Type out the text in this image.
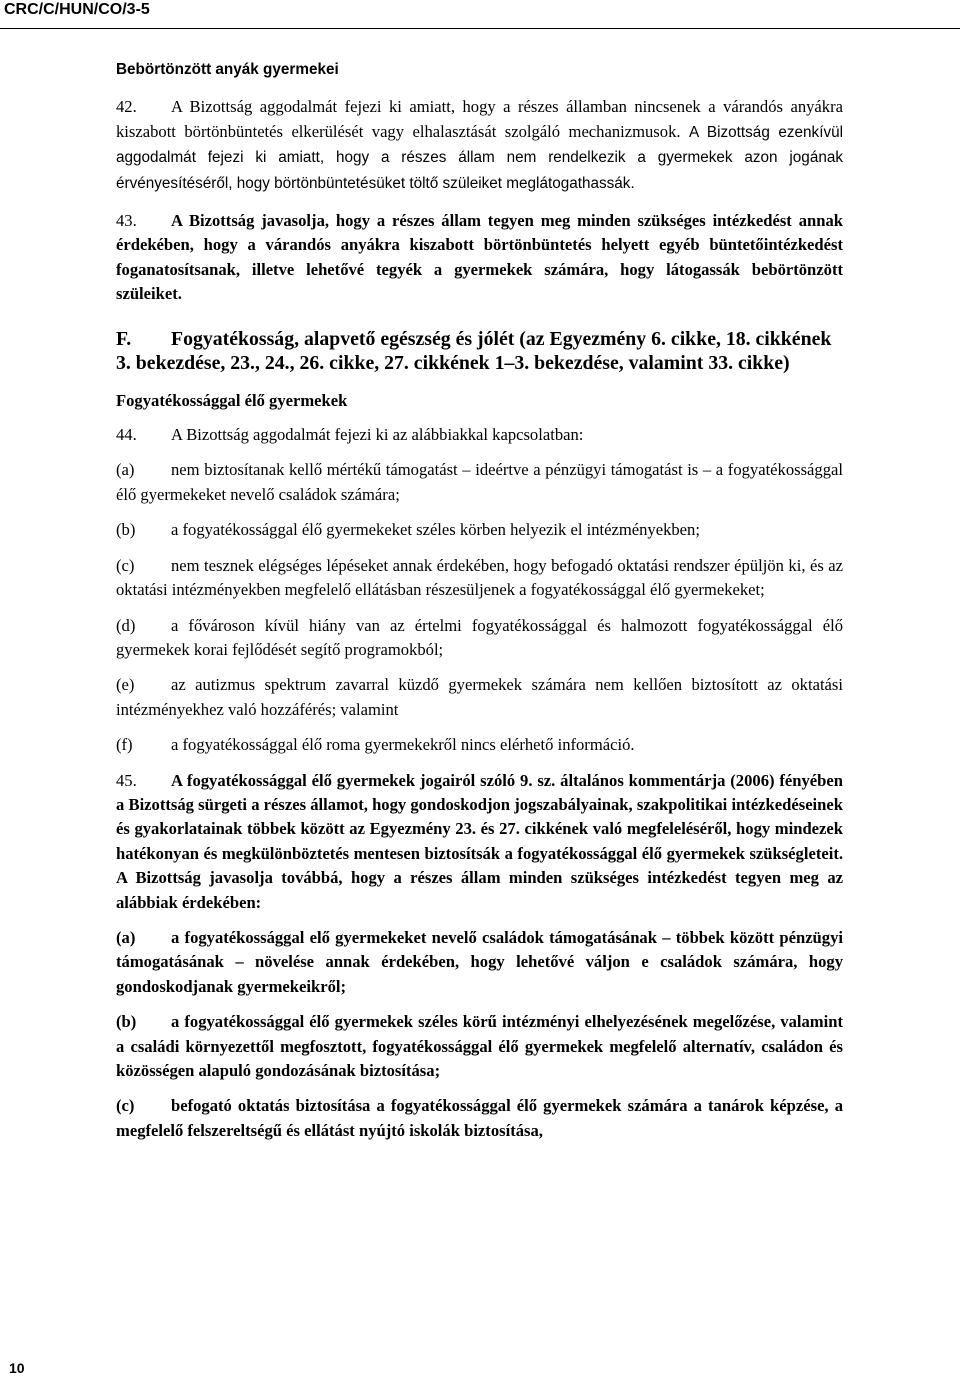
CRC/C/HUN/CO/3-5

Bebörtönzött anyák gyermekei

42. A Bizottság aggodalmát fejezi ki amiatt, hogy a részes államban nincsenek a várandós anyákra kiszabott börtönbüntetés elkerülését vagy elhalasztását szolgáló mechanizmusok. A Bizottság ezenkívül aggodalmát fejezi ki amiatt, hogy a részes állam nem rendelkezik a gyermekek azon jogának érvényesítéséről, hogy börtönbüntetésüket töltő szüleiket meglátogathassák.

43. A Bizottság javasolja, hogy a részes állam tegyen meg minden szükséges intézkedést annak érdekében, hogy a várandós anyákra kiszabott börtönbüntetés helyett egyéb büntetőintézkedést foganatosítsanak, illetve lehetővé tegyék a gyermekek számára, hogy látogassák bebörtönzött szüleiket.

F. Fogyatékosság, alapvető egészség és jólét (az Egyezmény 6. cikke, 18. cikkének 3. bekezdése, 23., 24., 26. cikke, 27. cikkének 1–3. bekezdése, valamint 33. cikke)

Fogyatékossággal élő gyermekek

44. A Bizottság aggodalmát fejezi ki az alábbiakkal kapcsolatban:

(a) nem biztosítanak kellő mértékű támogatást – ideértve a pénzügyi támogatást is – a fogyatékossággal élő gyermekeket nevelő családok számára;

(b) a fogyatékossággal élő gyermekeket széles körben helyezik el intézményekben;

(c) nem tesznek elégséges lépéseket annak érdekében, hogy befogadó oktatási rendszer épüljön ki, és az oktatási intézményekben megfelelő ellátásban részesüljenek a fogyatékossággal élő gyermekeket;

(d) a fővároson kívül hiány van az értelmi fogyatékossággal és halmozott fogyatékossággal élő gyermekek korai fejlődését segítő programokból;

(e) az autizmus spektrum zavarral küzdő gyermekek számára nem kellően biztosított az oktatási intézményekhez való hozzáférés; valamint

(f) a fogyatékossággal élő roma gyermekekről nincs elérhető információ.

45. A fogyatékossággal élő gyermekek jogairól szóló 9. sz. általános kommentárja (2006) fényében a Bizottság sürgeti a részes államot, hogy gondoskodjon jogszabályainak, szakpolitikai intézkedéseinek és gyakorlatainak többek között az Egyezmény 23. és 27. cikkének való megfeleléséről, hogy mindezek hatékonyan és megkülönböztetés mentesen biztosítsák a fogyatékossággal élő gyermekek szükségleteit. A Bizottság javasolja továbbá, hogy a részes állam minden szükséges intézkedést tegyen meg az alábbiak érdekében:

(a) a fogyatékossággal elő gyermekeket nevelő családok támogatásának – többek között pénzügyi támogatásának – növelése annak érdekében, hogy lehetővé váljon e családok számára, hogy gondoskodjanak gyermekeikről;

(b) a fogyatékossággal élő gyermekek széles körű intézményi elhelyezésének megelőzése, valamint a családi környezettől megfosztott, fogyatékossággal élő gyermekek megfelelő alternatív, családon és közösségen alapuló gondozásának biztosítása;

(c) befogató oktatás biztosítása a fogyatékossággal élő gyermekek számára a tanárok képzése, a megfelelő felszereltségű és ellátást nyújtó iskolák biztosítása,

10
